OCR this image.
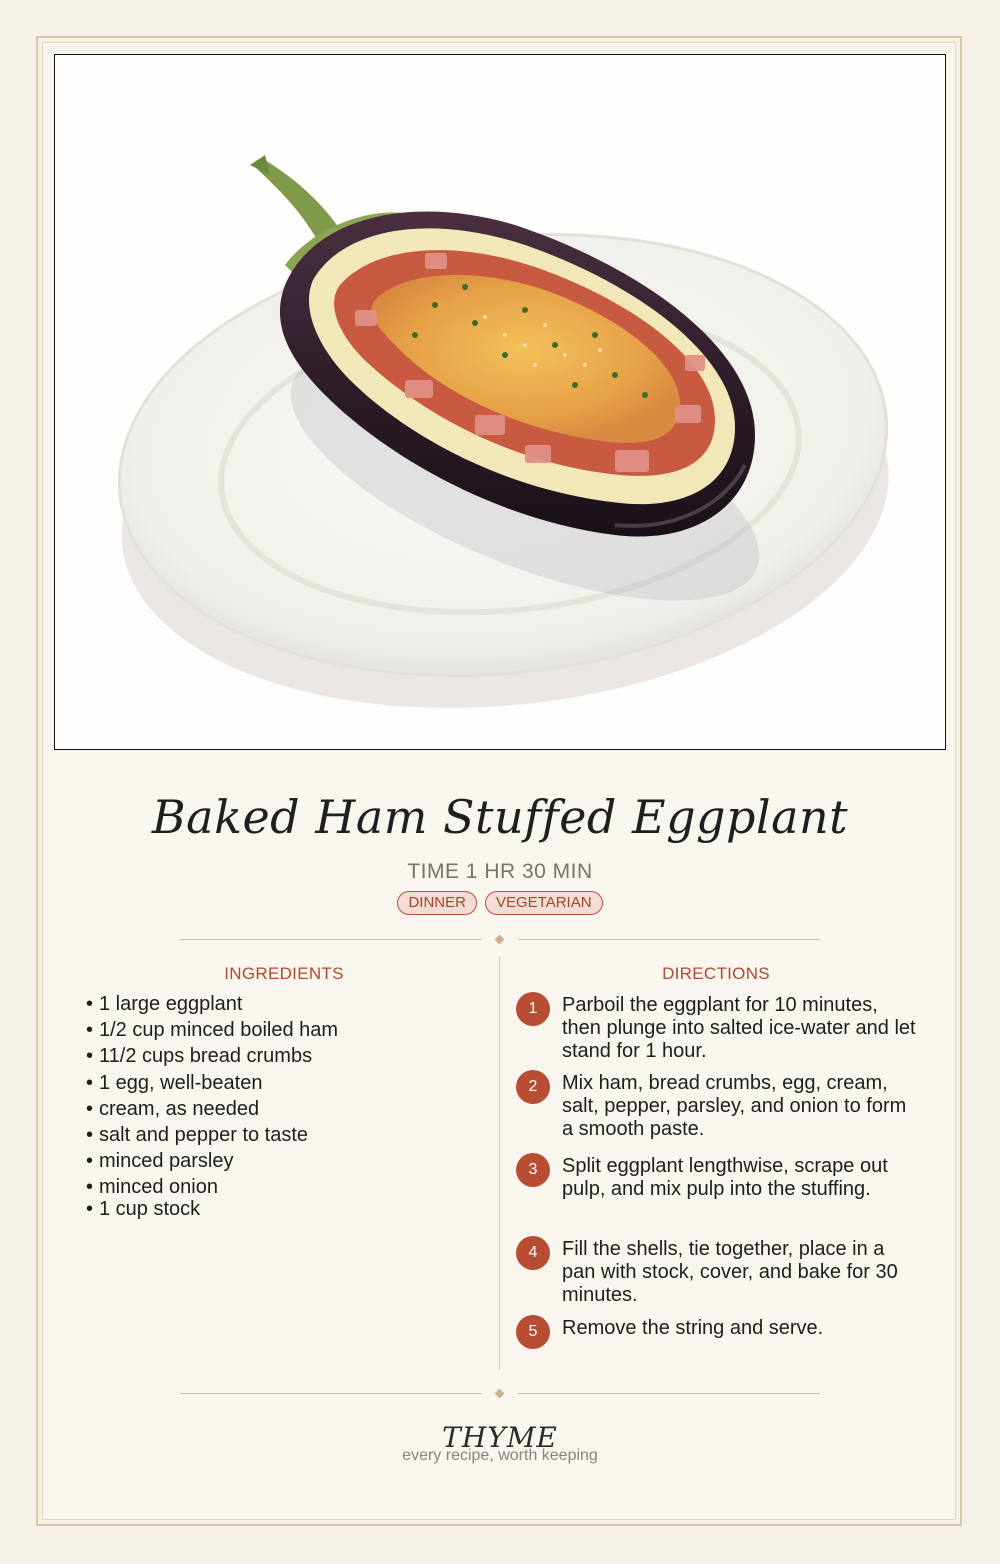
Baked Ham Stuffed Eggplant
TIME 1 HR 30 MIN
DINNER VEGETARIAN
INGREDIENTS	DIRECTIONS
• 1 large eggplant
• 1/2 cup minced boiled ham
• 11/2 cups bread crumbs
• 1 egg, well-beaten
• cream, as needed
• salt and pepper to taste
• minced parsley
• minced onion
• 1 cup stock
1	Parboil the eggplant for 10 minutes, then plunge into salted ice-water and let stand for 1 hour.
2	Mix ham, bread crumbs, egg, cream, salt, pepper, parsley, and onion to form a smooth paste.
3	Split eggplant lengthwise, scrape out pulp, and mix pulp into the stuffing.
4	Fill the shells, tie together, place in a pan with stock, cover, and bake for 30 minutes.
5	Remove the string and serve.
THYME
every recipe, worth keeping
